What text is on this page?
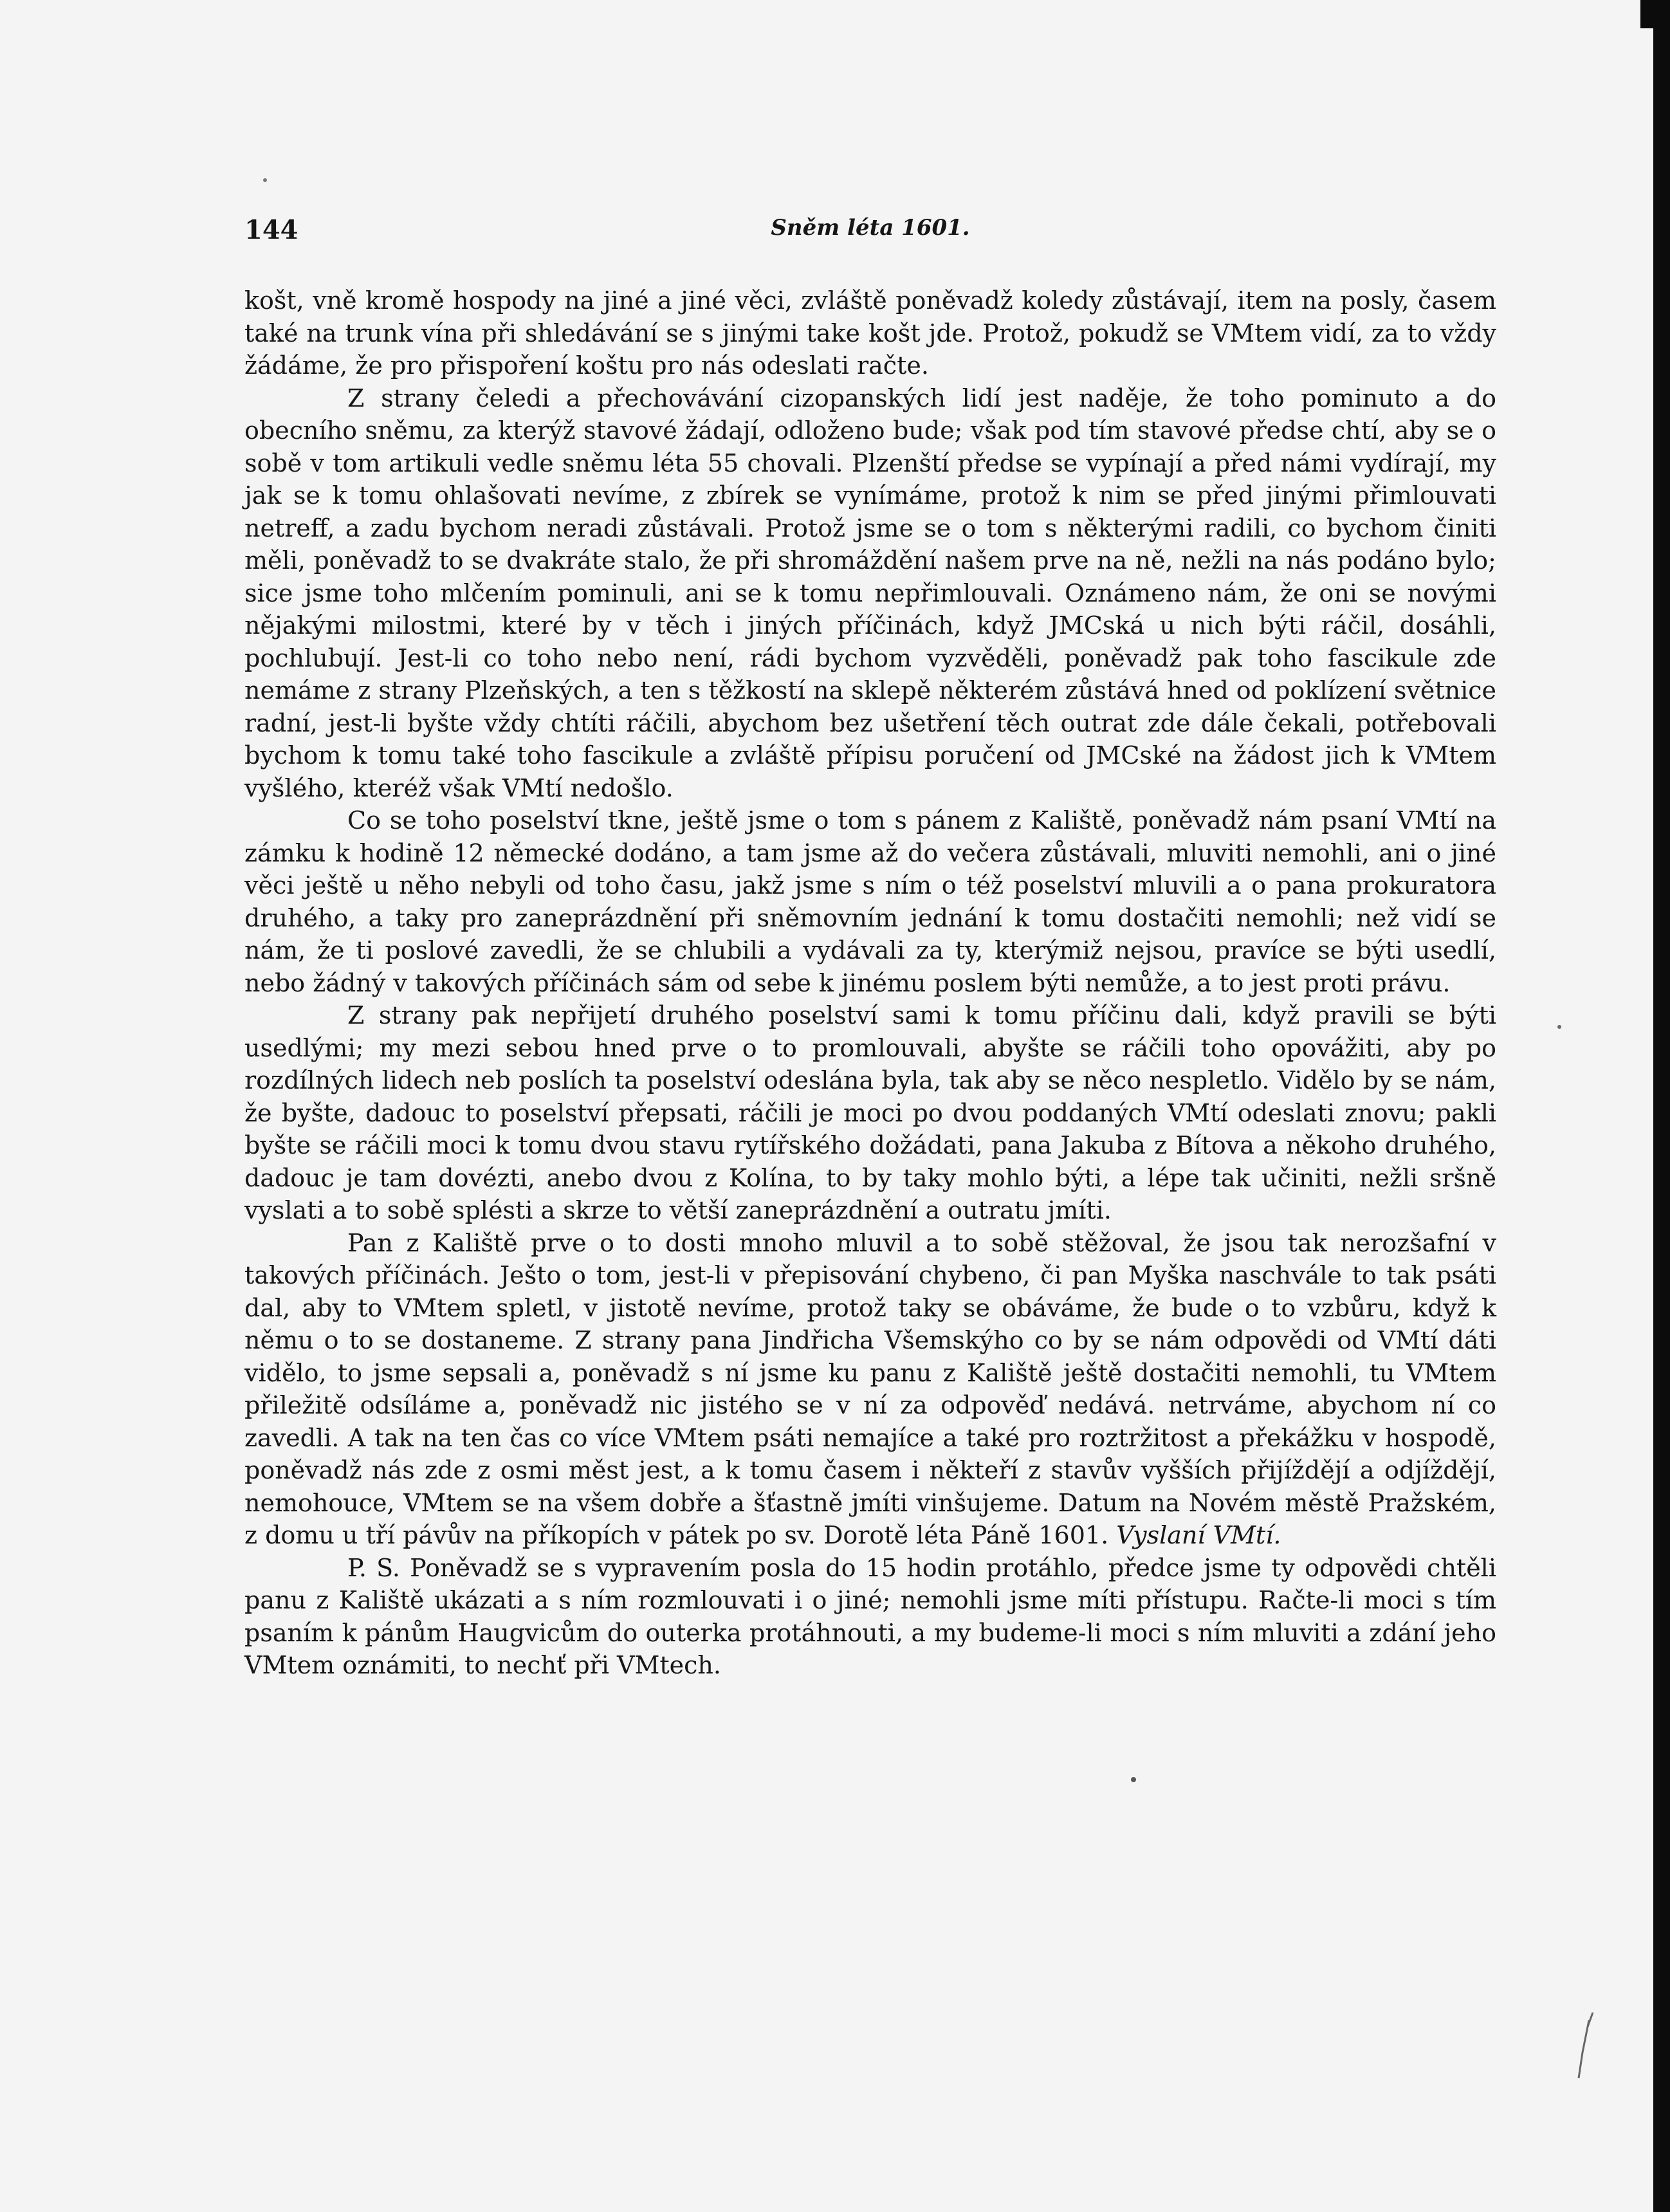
144	Sněm léta 1601.

košt, vně kromě hospody na jiné a jiné věci, zvláště poněvadž koledy zůstávají, item na posly, časem také na trunk vína při shledávání se s jinými take košt jde. Protož, pokudž se VMtem vidí, za to vždy žádáme, že pro přispoření koštu pro nás odeslati račte.

Z strany čeledi a přechovávání cizopanských lidí jest naděje, že toho pominuto a do obecního sněmu, za kterýž stavové žádají, odloženo bude; však pod tím stavové předse chtí, aby se o sobě v tom artikuli vedle sněmu léta 55 chovali. Plzenští předse se vypínají a před námi vydírají, my jak se k tomu ohlašovati nevíme, z zbírek se vynímáme, protož k nim se před jinými přimlouvati netreff, a zadu bychom neradi zůstávali. Protož jsme se o tom s některými radili, co bychom činiti měli, poněvadž to se dvakráte stalo, že při shromáždění našem prve na ně, nežli na nás podáno bylo; sice jsme toho mlčením pominuli, ani se k tomu nepřimlouvali. Oznámeno nám, že oni se novými nějakými milostmi, které by v těch i jiných příčinách, když JMCská u nich býti ráčil, dosáhli, pochlubují. Jest-li co toho nebo není, rádi bychom vyzvěděli, poněvadž pak toho fascikule zde nemáme z strany Plzeňských, a ten s těžkostí na sklepě některém zůstává hned od poklízení světnice radní, jest-li byšte vždy chtíti ráčili, abychom bez ušetření těch outrat zde dále čekali, potřebovali bychom k tomu také toho fascikule a zvláště přípisu poručení od JMCské na žádost jich k VMtem vyšlého, kteréž však VMtí nedošlo.

Co se toho poselství tkne, ještě jsme o tom s pánem z Kaliště, poněvadž nám psaní VMtí na zámku k hodině 12 německé dodáno, a tam jsme až do večera zůstávali, mluviti nemohli, ani o jiné věci ještě u něho nebyli od toho času, jakž jsme s ním o též poselství mluvili a o pana prokuratora druhého, a taky pro zaneprázdnění při sněmovním jednání k tomu dostačiti nemohli; než vidí se nám, že ti poslové zavedli, že se chlubili a vydávali za ty, kterýmiž nejsou, pravíce se býti usedlí, nebo žádný v takových příčinách sám od sebe k jinému poslem býti nemůže, a to jest proti právu.

Z strany pak nepřijetí druhého poselství sami k tomu příčinu dali, když pravili se býti usedlými; my mezi sebou hned prve o to promlouvali, abyšte se ráčili toho opovážiti, aby po rozdílných lidech neb poslích ta poselství odeslána byla, tak aby se něco nespletlo. Vidělo by se nám, že byšte, dadouc to poselství přepsati, ráčili je moci po dvou poddaných VMtí odeslati znovu; pakli byšte se ráčili moci k tomu dvou stavu rytířského dožádati, pana Jakuba z Bítova a někoho druhého, dadouc je tam dovézti, anebo dvou z Kolína, to by taky mohlo býti, a lépe tak učiniti, nežli sršně vyslati a to sobě splésti a skrze to větší zaneprázdnění a outratu jmíti.

Pan z Kaliště prve o to dosti mnoho mluvil a to sobě stěžoval, že jsou tak nerozšafní v takových příčinách. Ješto o tom, jest-li v přepisování chybeno, či pan Myška naschvále to tak psáti dal, aby to VMtem spletl, v jistotě nevíme, protož taky se obáváme, že bude o to vzbůru, když k němu o to se dostaneme. Z strany pana Jindřicha Všemskýho co by se nám odpovědi od VMtí dáti vidělo, to jsme sepsali a, poněvadž s ní jsme ku panu z Kaliště ještě dostačiti nemohli, tu VMtem přiležitě odsíláme a, poněvadž nic jistého se v ní za odpověď nedává. netrváme, abychom ní co zavedli. A tak na ten čas co více VMtem psáti nemajíce a také pro roztržitost a překážku v hospodě, poněvadž nás zde z osmi měst jest, a k tomu časem i někteří z stavův vyšších přijíždějí a odjíždějí, nemohouce, VMtem se na všem dobře a šťastně jmíti vinšujeme. Datum na Novém městě Pražském, z domu u tří pávův na příkopích v pátek po sv. Dorotě léta Páně 1601. Vyslaní VMtí.

P. S. Poněvadž se s vypravením posla do 15 hodin protáhlo, předce jsme ty odpovědi chtěli panu z Kaliště ukázati a s ním rozmlouvati i o jiné; nemohli jsme míti přístupu. Račte-li moci s tím psaním k pánům Haugvicům do outerka protáhnouti, a my budeme-li moci s ním mluviti a zdání jeho VMtem oznámiti, to nechť při VMtech.
